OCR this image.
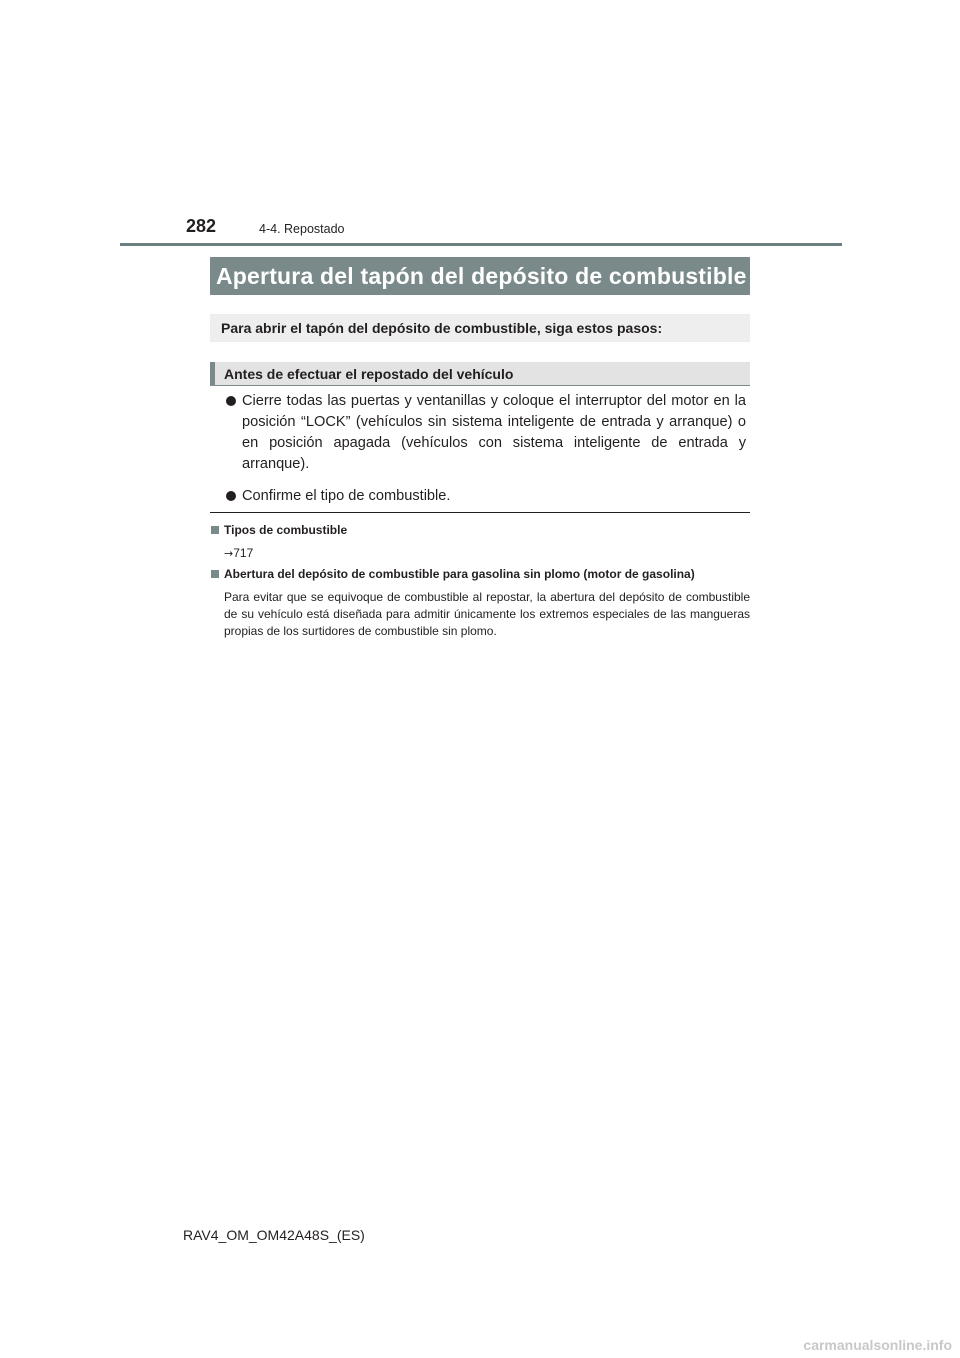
282	4-4. Repostado
Apertura del tapón del depósito de combustible
Para abrir el tapón del depósito de combustible, siga estos pasos:
Antes de efectuar el repostado del vehículo
Cierre todas las puertas y ventanillas y coloque el interruptor del motor en la posición “LOCK” (vehículos sin sistema inteligente de entrada y arranque) o en posición apagada (vehículos con sistema inteligente de entrada y arranque).
Confirme el tipo de combustible.
Tipos de combustible
→717
Abertura del depósito de combustible para gasolina sin plomo (motor de gasolina)
Para evitar que se equivoque de combustible al repostar, la abertura del depósito de combustible de su vehículo está diseñada para admitir únicamente los extremos especiales de las mangueras propias de los surtidores de combustible sin plomo.
RAV4_OM_OM42A48S_(ES)
carmanualsonline.info
